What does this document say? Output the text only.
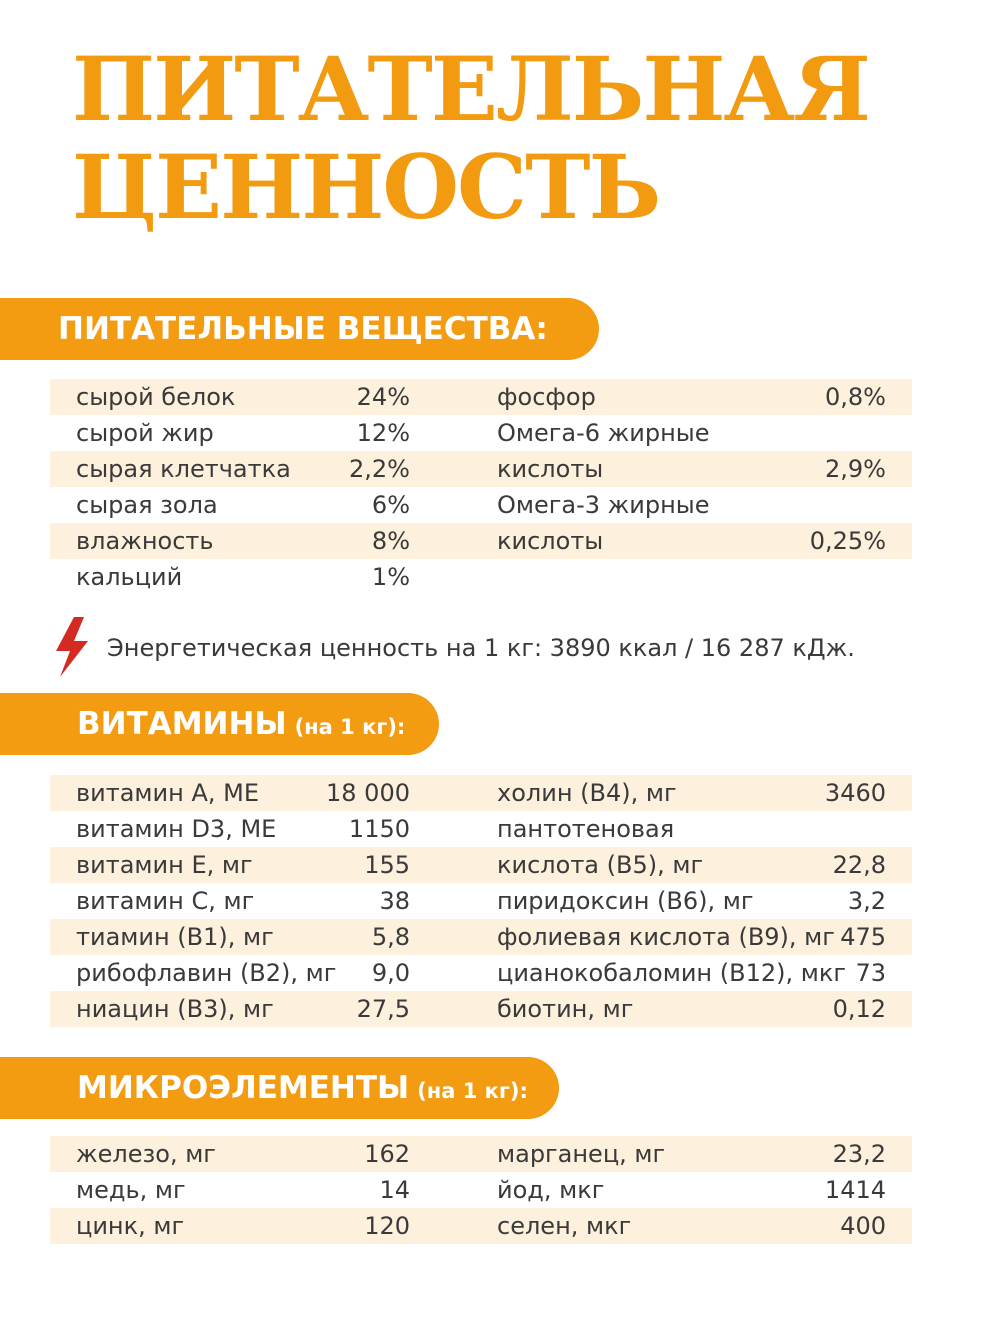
ПИТАТЕЛЬНАЯ
ЦЕННОСТЬ
ПИТАТЕЛЬНЫЕ ВЕЩЕСТВА:
сырой белок	24%	фосфор	0,8%
сырой жир	12%	Омега-6 жирные
сырая клетчатка 2,2%	кислоты	2,9%
сырая зола	6%	Омега-3 жирные
влажность	8%	кислоты	0,25%
кальций	1%
Энергетическая ценность на 1 кг: 3890 ккал / 16 287 кДж.
ВИТАМИНЫ (на 1 кг):
витамин А, МЕ	18 000	холин (В4), мг	3460
витамин D3, МЕ	1150	пантотеновая
витамин Е, мг	155	кислота (В5), мг	22,8
витамин С, мг	38	пиридоксин (В6), мг	3,2
тиамин (В1), мг	5,8	фолиевая кислота (В9), мг 475
рибофлавин (В2), мг 9,0	цианокобаломин (В12), мкг 73
ниацин (В3), мг	27,5	биотин, мг	0,12
МИКРОЭЛЕМЕНТЫ (на 1 кг):
железо, мг	162	марганец, мг	23,2
медь, мг	14	йод, мкг	1414
цинк, мг	120	селен, мкг	400
